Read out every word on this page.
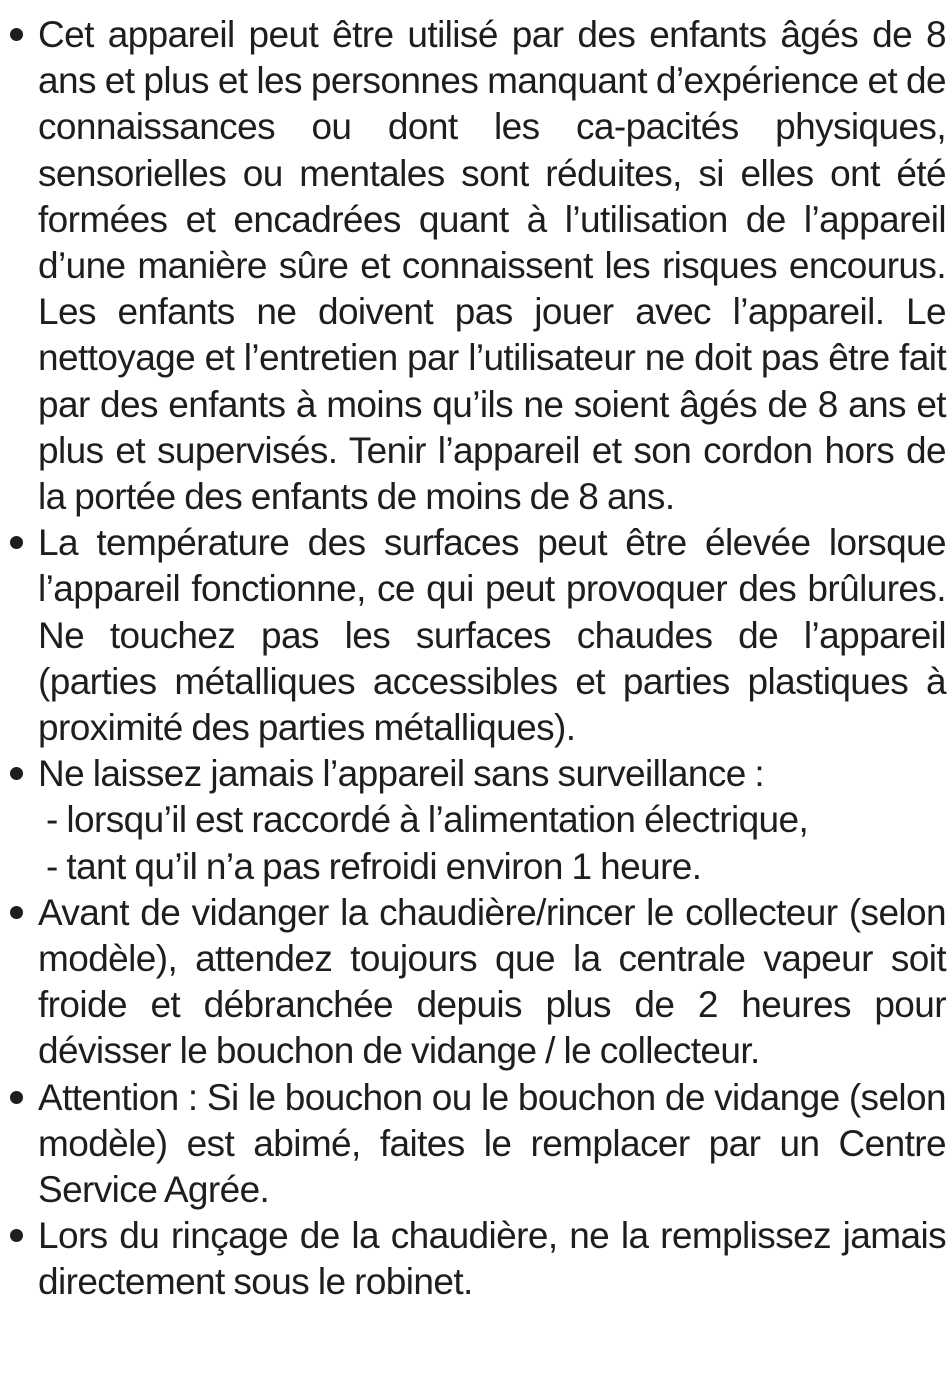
Cet appareil peut être utilisé par des enfants âgés de 8 ans et plus et les personnes manquant d’expérience et de connaissances ou dont les ca-pacités physiques, sensorielles ou mentales sont réduites, si elles ont été formées et encadrées quant à l’utilisation de l’appareil d’une manière sûre et connaissent les risques encourus. Les enfants ne doivent pas jouer avec l’appareil. Le nettoyage et l’entretien par l’utilisateur ne doit pas être fait par des enfants à moins qu’ils ne soient âgés de 8 ans et plus et supervisés. Tenir l’appareil et son cordon hors de la portée des enfants de moins de 8 ans.
La température des surfaces peut être élevée lorsque l’appareil fonctionne, ce qui peut provoquer des brûlures. Ne touchez pas les surfaces chaudes de l’appareil (parties métalliques accessibles et parties plastiques à proximité des parties métalliques).
Ne laissez jamais l’appareil sans surveillance :
- lorsqu’il est raccordé à l’alimentation électrique,
- tant qu’il n’a pas refroidi environ 1 heure.
Avant de vidanger la chaudière/rincer le collecteur (selon modèle), attendez toujours que la centrale vapeur soit froide et débranchée depuis plus de 2 heures pour dévisser le bouchon de vidange / le collecteur.
Attention : Si le bouchon ou le bouchon de vidange (selon modèle) est abimé, faites le remplacer par un Centre Service Agrée.
Lors du rinçage de la chaudière, ne la remplissez jamais directement sous le robinet.
